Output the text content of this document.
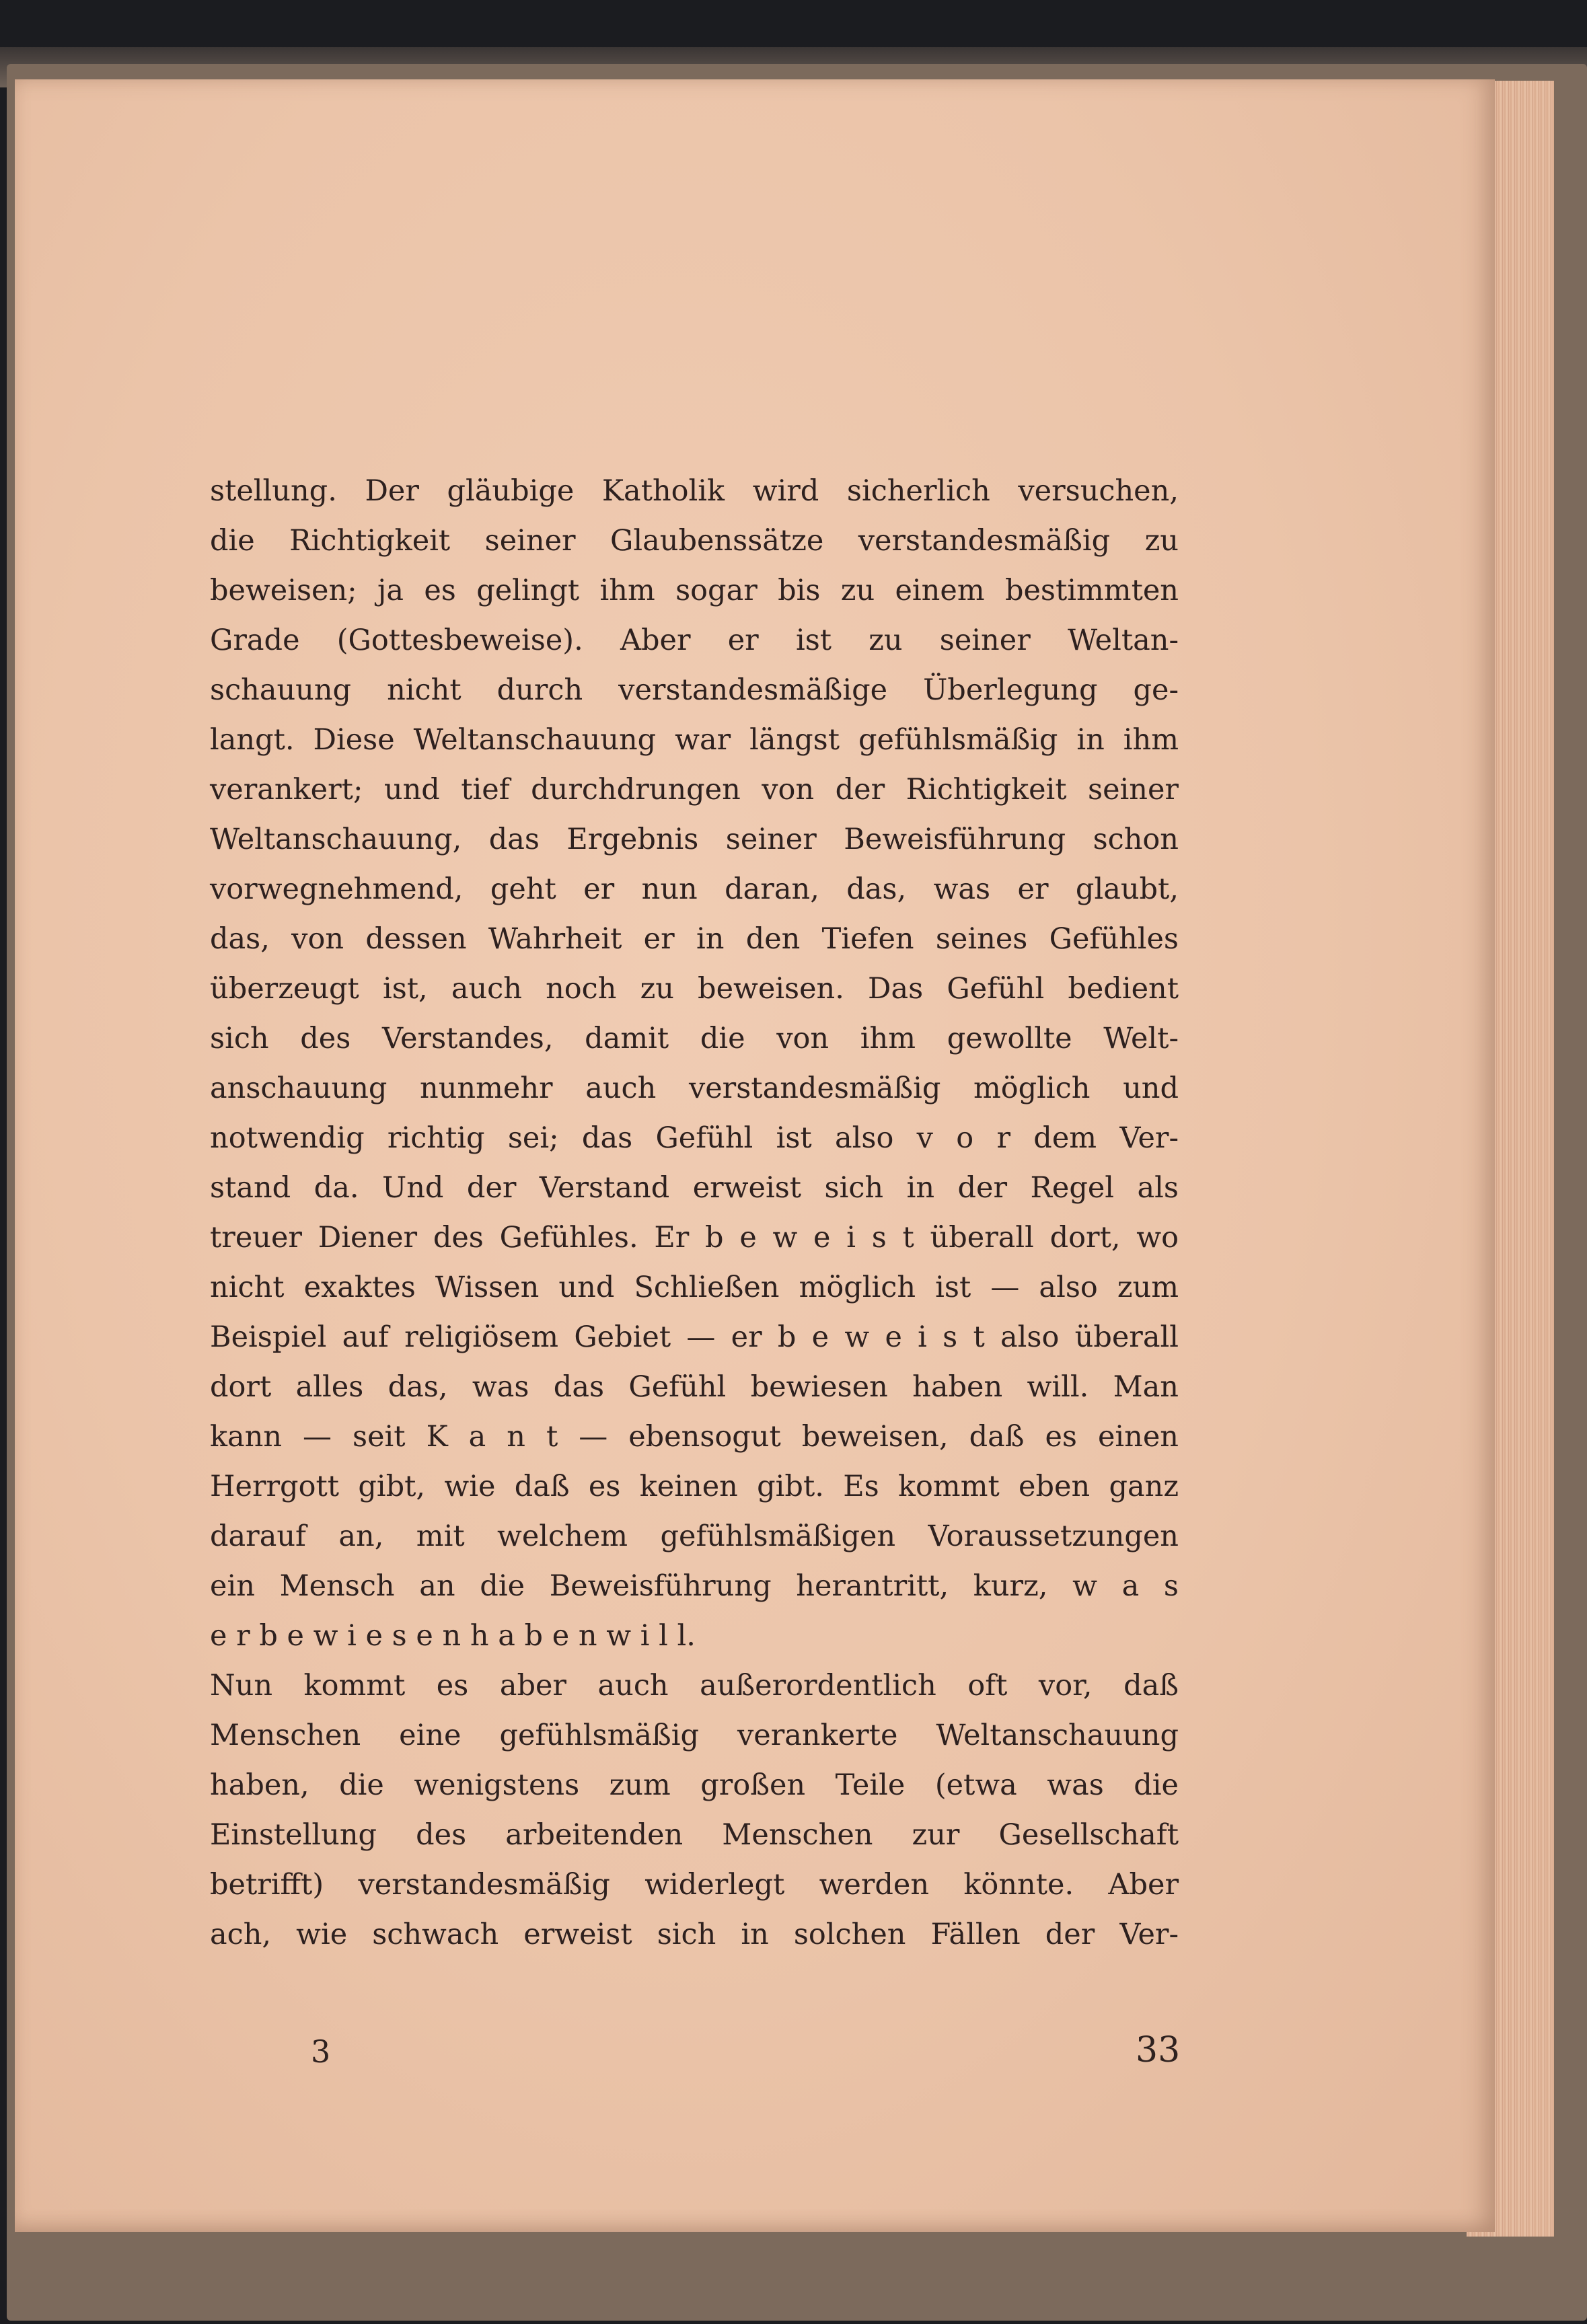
stellung. Der gläubige Katholik wird sicherlich versuchen,
die Richtigkeit seiner Glaubenssätze verstandesmäßig zu
beweisen; ja es gelingt ihm sogar bis zu einem bestimmten
Grade (Gottesbeweise). Aber er ist zu seiner Weltan-
schauung nicht durch verstandesmäßige Überlegung ge-
langt. Diese Weltanschauung war längst gefühlsmäßig in ihm
verankert; und tief durchdrungen von der Richtigkeit seiner
Weltanschauung, das Ergebnis seiner Beweisführung schon
vorwegnehmend, geht er nun daran, das, was er glaubt,
das, von dessen Wahrheit er in den Tiefen seines Gefühles
überzeugt ist, auch noch zu beweisen. Das Gefühl bedient
sich des Verstandes, damit die von ihm gewollte Welt-
anschauung nunmehr auch verstandesmäßig möglich und
notwendig richtig sei; das Gefühl ist also v o r dem Ver-
stand da. Und der Verstand erweist sich in der Regel als
treuer Diener des Gefühles. Er b e w e i s t überall dort, wo
nicht exaktes Wissen und Schließen möglich ist — also zum
Beispiel auf religiösem Gebiet — er b e w e i s t also überall
dort alles das, was das Gefühl bewiesen haben will. Man
kann — seit K a n t — ebensogut beweisen, daß es einen
Herrgott gibt, wie daß es keinen gibt. Es kommt eben ganz
darauf an, mit welchem gefühlsmäßigen Voraussetzungen
ein Mensch an die Beweisführung herantritt, kurz, w a s
e r b e w i e s e n h a b e n w i l l.
Nun kommt es aber auch außerordentlich oft vor, daß
Menschen eine gefühlsmäßig verankerte Weltanschauung
haben, die wenigstens zum großen Teile (etwa was die
Einstellung des arbeitenden Menschen zur Gesellschaft
betrifft) verstandesmäßig widerlegt werden könnte. Aber
ach, wie schwach erweist sich in solchen Fällen der Ver-
3	33
